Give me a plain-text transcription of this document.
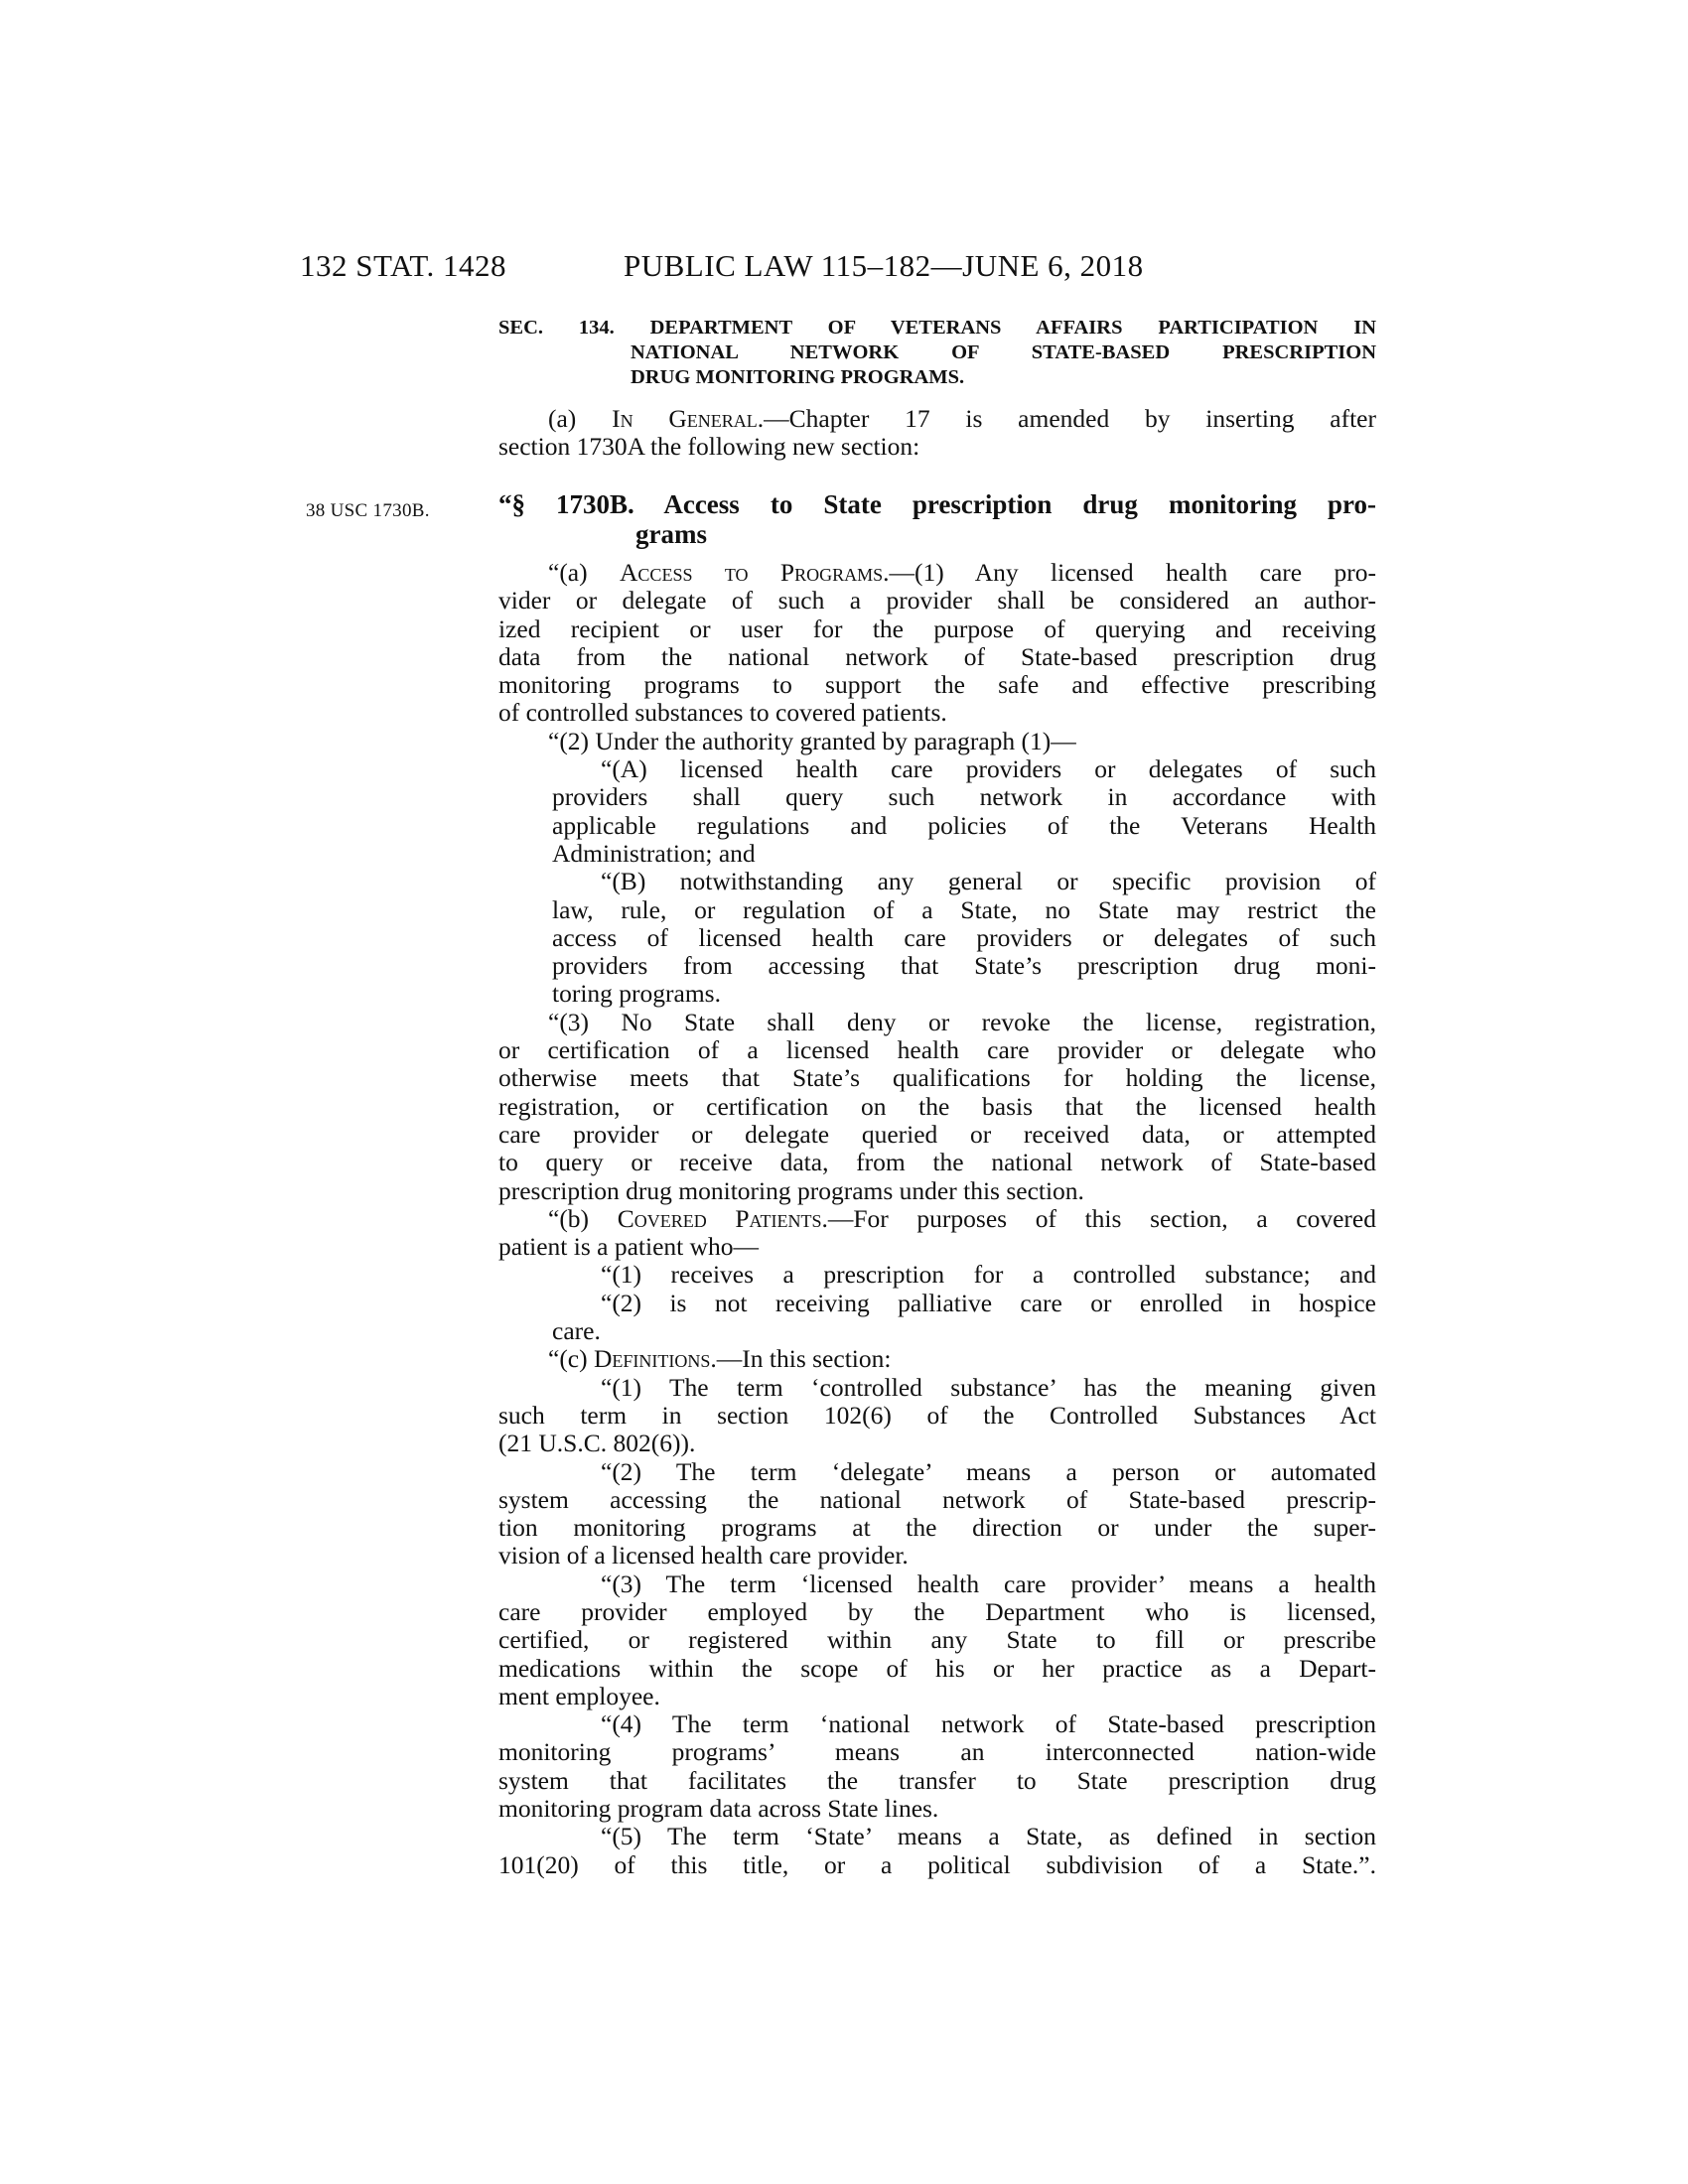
132 STAT. 1428	PUBLIC LAW 115–182—JUNE 6, 2018
SEC. 134. DEPARTMENT OF VETERANS AFFAIRS PARTICIPATION IN
NATIONAL NETWORK OF STATE-BASED PRESCRIPTION
DRUG MONITORING PROGRAMS.
(a) In General.—Chapter 17 is amended by inserting after
section 1730A the following new section:
38 USC 1730B.	“§ 1730B. Access to State prescription drug monitoring pro-
grams
“(a) Access to Programs.—(1) Any licensed health care pro-
vider or delegate of such a provider shall be considered an author-
ized recipient or user for the purpose of querying and receiving
data from the national network of State-based prescription drug
monitoring programs to support the safe and effective prescribing
of controlled substances to covered patients.
“(2) Under the authority granted by paragraph (1)—
“(A) licensed health care providers or delegates of such
providers shall query such network in accordance with
applicable regulations and policies of the Veterans Health
Administration; and
“(B) notwithstanding any general or specific provision of
law, rule, or regulation of a State, no State may restrict the
access of licensed health care providers or delegates of such
providers from accessing that State’s prescription drug moni-
toring programs.
“(3) No State shall deny or revoke the license, registration,
or certification of a licensed health care provider or delegate who
otherwise meets that State’s qualifications for holding the license,
registration, or certification on the basis that the licensed health
care provider or delegate queried or received data, or attempted
to query or receive data, from the national network of State-based
prescription drug monitoring programs under this section.
“(b) Covered Patients.—For purposes of this section, a covered
patient is a patient who—
“(1) receives a prescription for a controlled substance; and
“(2) is not receiving palliative care or enrolled in hospice
care.
“(c) Definitions.—In this section:
“(1) The term ‘controlled substance’ has the meaning given
such term in section 102(6) of the Controlled Substances Act
(21 U.S.C. 802(6)).
“(2) The term ‘delegate’ means a person or automated
system accessing the national network of State-based prescrip-
tion monitoring programs at the direction or under the super-
vision of a licensed health care provider.
“(3) The term ‘licensed health care provider’ means a health
care provider employed by the Department who is licensed,
certified, or registered within any State to fill or prescribe
medications within the scope of his or her practice as a Depart-
ment employee.
“(4) The term ‘national network of State-based prescription
monitoring programs’ means an interconnected nation-wide
system that facilitates the transfer to State prescription drug
monitoring program data across State lines.
“(5) The term ‘State’ means a State, as defined in section
101(20) of this title, or a political subdivision of a State.”.
